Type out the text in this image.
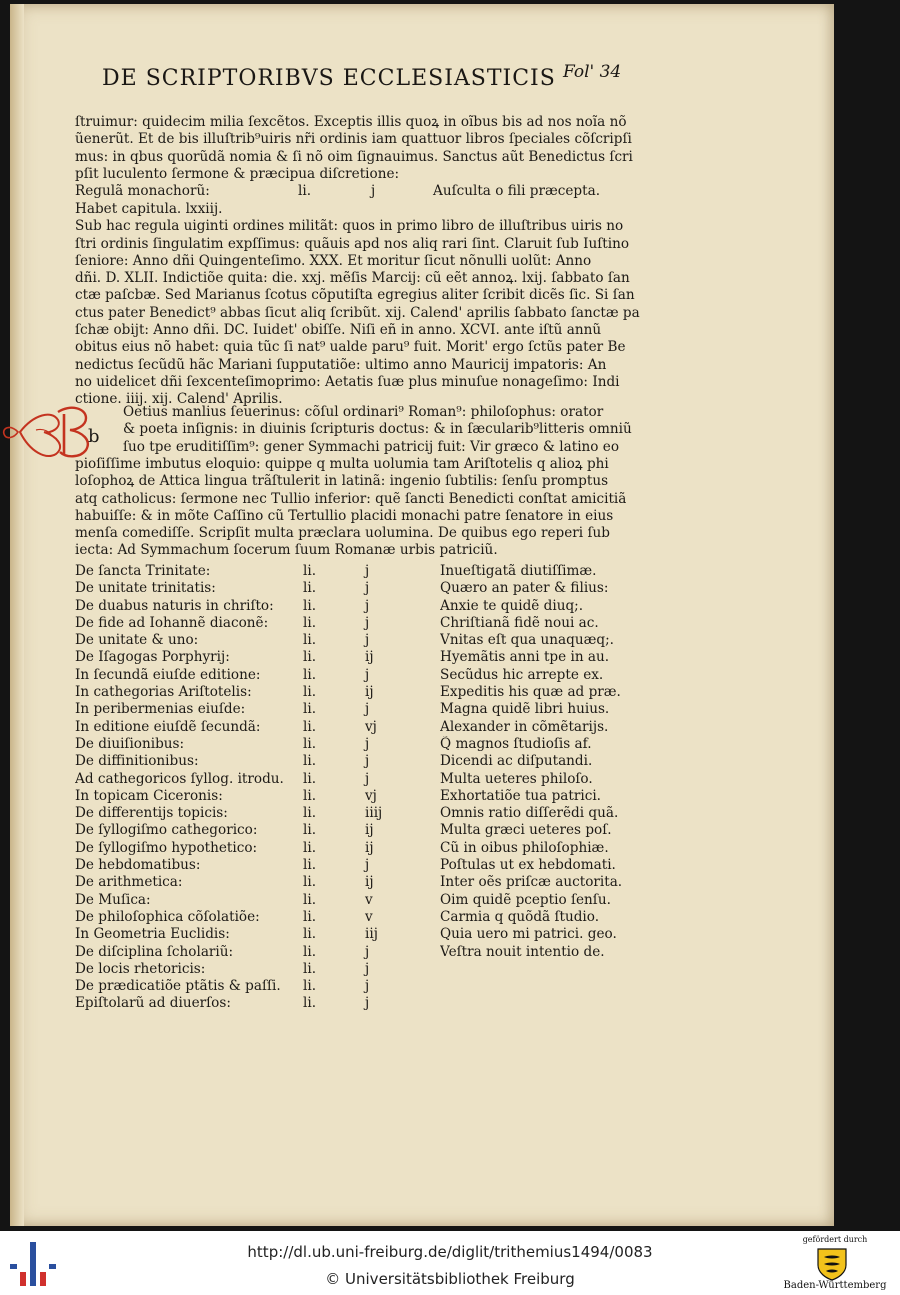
DE SCRIPTORIBVS ECCLESIASTICIS Fol' 34
ſtruimur: quidecim milia ſexcẽtos. Exceptis illis quoꝝ in oĩbus bis ad nos noĩa nõ
ũenerũt. Et de bis illuſtrib⁹uiris nr̃i ordinis iam quattuor libros ſpeciales cõſcripſi
mus: in qbus quorũdã nomia & ſi nõ oim ſignauimus. Sanctus aũt Benedictus ſcri
pſit luculento ſermone & præcipua diſcretione:
Regulã monachorũ:	li.	j	Auſculta o fili præcepta.
Habet capitula. lxxiij.
Sub hac regula uiginti ordines militãt: quos in primo libro de illuſtribus uiris no
ſtri ordinis ſingulatim expſſimus: quãuis apd nos aliq rari ſint. Claruit ſub Iuſtino
ſeniore: Anno dñi Quingenteſimo. XXX. Et moritur ſicut nõnulli uolũt: Anno
dñi. D. XLII. Indictiõe quita: die. xxj. mẽſis Marcij: cũ eẽt annoꝝ. lxij. ſabbato ſan
ctæ paſcbæ. Sed Marianus ſcotus cõputiſta egregius aliter ſcribit dicẽs ſic. Si ſan
ctus pater Benedict⁹ abbas ſicut aliq ſcribũt. xij. Calend' aprilis ſabbato ſanctæ pa
ſchæ obijt: Anno dñi. DC. Iuidet' obiſſe. Niſi eñ in anno. XCVI. ante iſtũ annũ
obitus eius nõ habet: quia tũc ſi nat⁹ ualde paru⁹ fuit. Morit' ergo ſctũs pater Be
nedictus ſecũdũ hãc Mariani ſupputatiõe: ultimo anno Mauricij impatoris: An
no uidelicet dñi ſexcenteſimoprimo: Aetatis ſuæ plus minuſue nonageſimo: Indi
ctione. iiij. xij. Calend' Aprilis.
b
Oetius manlius ſeuerinus: cõſul ordinari⁹ Roman⁹: philoſophus: orator
& poeta inſignis: in diuinis ſcripturis doctus: & in ſæcularib⁹litteris omniũ
ſuo tpe eruditiſſim⁹: gener Symmachi patricij fuit: Vir græco & latino eo
pioſiſſime imbutus eloquio: quippe q multa uolumia tam Ariſtotelis q alioꝝ phi
loſophoꝝ de Attica lingua trãſtulerit in latinã: ingenio ſubtilis: ſenſu promptus
atq catholicus: ſermone nec Tullio inferior: quẽ ſancti Benedicti conſtat amicitiã
habuiſſe: & in mõte Caſſino cũ Tertullio placidi monachi patre ſenatore in eius
menſa comediſſe. Scripſit multa præclara uolumina. De quibus ego reperi ſub
iecta: Ad Symmachum ſocerum ſuum Romanæ urbis patriciũ.
De ſancta Trinitate:	li.	j	Inueſtigatã diutiſſimæ.
De unitate trinitatis:	li.	j	Quæro an pater & filius:
De duabus naturis in chriſto:	li.	j	Anxie te quidẽ diuq;.
De fide ad Iohannẽ diaconẽ:	li.	j	Chriſtianã fidẽ noui ac.
De unitate & uno:	li.	j	Vnitas eſt qua unaquæq;.
De Iſagogas Porphyrij:	li.	ij	Hyemãtis anni tpe in au.
In ſecundã eiuſde editione:	li.	j	Secũdus hic arrepte ex.
In cathegorias Ariſtotelis:	li.	ij	Expeditis his quæ ad præ.
In peribermenias eiuſde:	li.	j	Magna quidẽ libri huius.
In editione eiuſdẽ ſecundã:	li.	vj	Alexander in cõmẽtarijs.
De diuiſionibus:	li.	j	Q̃ magnos ſtudioſis af.
De diffinitionibus:	li.	j	Dicendi ac diſputandi.
Ad cathegoricos ſyllog. itrodu.	li.	j	Multa ueteres philoſo.
In topicam Ciceronis:	li.	vj	Exhortatiõe tua patrici.
De differentijs topicis:	li.	iiij	Omnis ratio diſſerẽdi quã.
De ſyllogiſmo cathegorico:	li.	ij	Multa græci ueteres poſ.
De ſyllogiſmo hypothetico:	li.	ij	Cũ in oibus philoſophiæ.
De hebdomatibus:	li.	j	Poſtulas ut ex hebdomati.
De arithmetica:	li.	ij	Inter oẽs priſcæ auctorita.
De Muſica:	li.	v	Oim quidẽ pceptio ſenſu.
De philoſophica cõſolatiõe:	li.	v	Carmia q quõdã ſtudio.
In Geometria Euclidis:	li.	iij	Quia uero mi patrici. geo.
De diſciplina ſcholariũ:	li.	j	Veſtra nouit intentio de.
De locis rhetoricis:	li.	j
De prædicatiõe ptãtis & paſſi.	li.	j
Epiſtolarũ ad diuerſos:	li.	j
http://dl.ub.uni-freiburg.de/diglit/trithemius1494/0083
© Universitätsbibliothek Freiburg
gefördert durch
Baden-Württemberg
